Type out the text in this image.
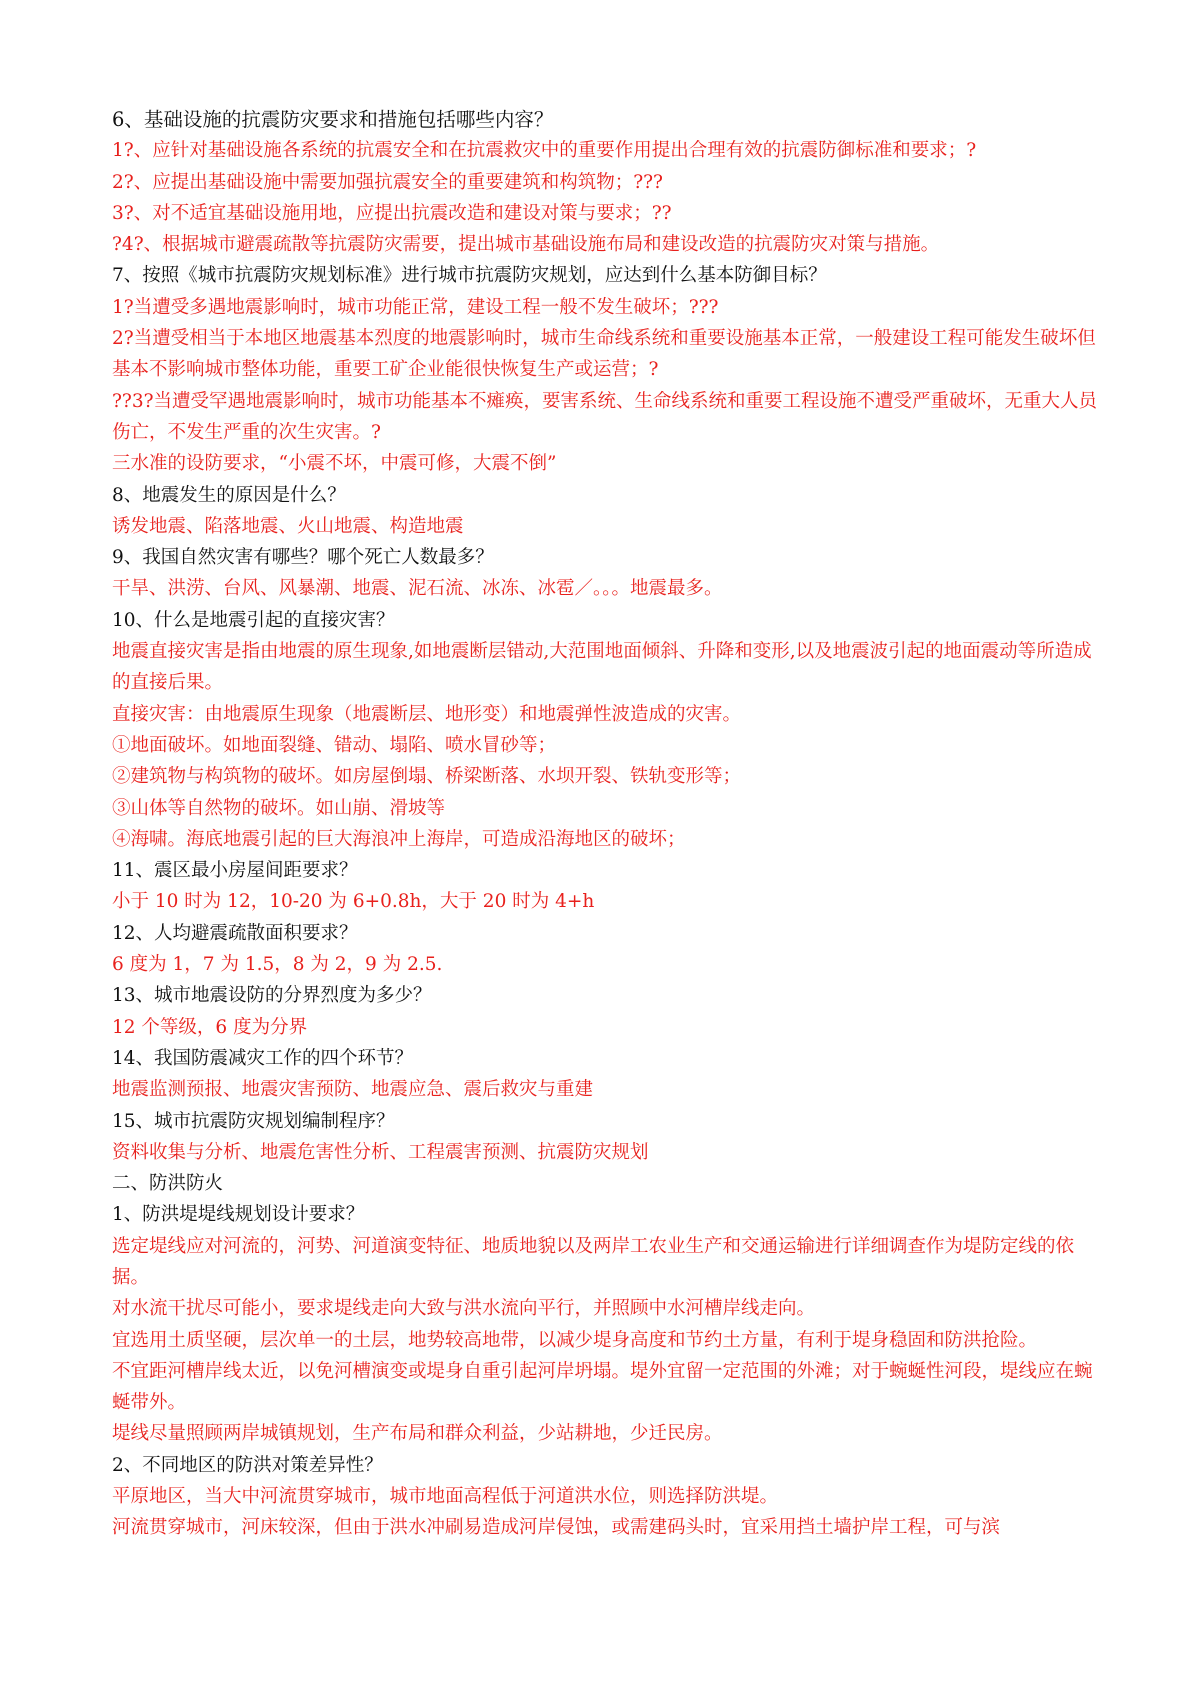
6、基础设施的抗震防灾要求和措施包括哪些内容？
1?、应针对基础设施各系统的抗震安全和在抗震救灾中的重要作用提出合理有效的抗震防御标准和要求；?
2?、应提出基础设施中需要加强抗震安全的重要建筑和构筑物；???
3?、对不适宜基础设施用地，应提出抗震改造和建设对策与要求；??
?4?、根据城市避震疏散等抗震防灾需要，提出城市基础设施布局和建设改造的抗震防灾对策与措施。
7、按照《城市抗震防灾规划标准》进行城市抗震防灾规划，应达到什么基本防御目标？
1?当遭受多遇地震影响时，城市功能正常，建设工程一般不发生破坏；???
2?当遭受相当于本地区地震基本烈度的地震影响时，城市生命线系统和重要设施基本正常，一般建设工程可能发生破坏但基本不影响城市整体功能，重要工矿企业能很快恢复生产或运营；?
??3?当遭受罕遇地震影响时，城市功能基本不瘫痪，要害系统、生命线系统和重要工程设施不遭受严重破坏，无重大人员伤亡，不发生严重的次生灾害。?
三水准的设防要求，“小震不坏，中震可修，大震不倒”
8、地震发生的原因是什么？
诱发地震、陷落地震、火山地震、构造地震
9、我国自然灾害有哪些？哪个死亡人数最多？
干旱、洪涝、台风、风暴潮、地震、泥石流、冰冻、冰雹／。。。地震最多。
10、什么是地震引起的直接灾害？
地震直接灾害是指由地震的原生现象,如地震断层错动,大范围地面倾斜、升降和变形,以及地震波引起的地面震动等所造成的直接后果。
直接灾害：由地震原生现象（地震断层、地形变）和地震弹性波造成的灾害。
①地面破坏。如地面裂缝、错动、塌陷、喷水冒砂等；
②建筑物与构筑物的破坏。如房屋倒塌、桥梁断落、水坝开裂、铁轨变形等；
③山体等自然物的破坏。如山崩、滑坡等
④海啸。海底地震引起的巨大海浪冲上海岸，可造成沿海地区的破坏；
11、震区最小房屋间距要求？
小于 10 时为 12，10-20 为 6+0.8h，大于 20 时为 4+h
12、人均避震疏散面积要求？
6 度为 1，7 为 1.5，8 为 2，9 为 2.5.
13、城市地震设防的分界烈度为多少？
12 个等级，6 度为分界
14、我国防震减灾工作的四个环节？
地震监测预报、地震灾害预防、地震应急、震后救灾与重建
15、城市抗震防灾规划编制程序？
资料收集与分析、地震危害性分析、工程震害预测、抗震防灾规划
二、防洪防火
1、防洪堤堤线规划设计要求？
选定堤线应对河流的，河势、河道演变特征、地质地貌以及两岸工农业生产和交通运输进行详细调查作为堤防定线的依据。
对水流干扰尽可能小，要求堤线走向大致与洪水流向平行，并照顾中水河槽岸线走向。
宜选用土质坚硬，层次单一的土层，地势较高地带，以减少堤身高度和节约土方量，有利于堤身稳固和防洪抢险。
不宜距河槽岸线太近，以免河槽演变或堤身自重引起河岸坍塌。堤外宜留一定范围的外滩；对于蜿蜒性河段，堤线应在蜿蜒带外。
堤线尽量照顾两岸城镇规划，生产布局和群众利益，少站耕地，少迁民房。
2、不同地区的防洪对策差异性？
平原地区，当大中河流贯穿城市，城市地面高程低于河道洪水位，则选择防洪堤。
河流贯穿城市，河床较深，但由于洪水冲刷易造成河岸侵蚀，或需建码头时，宜采用挡土墙护岸工程，可与滨
